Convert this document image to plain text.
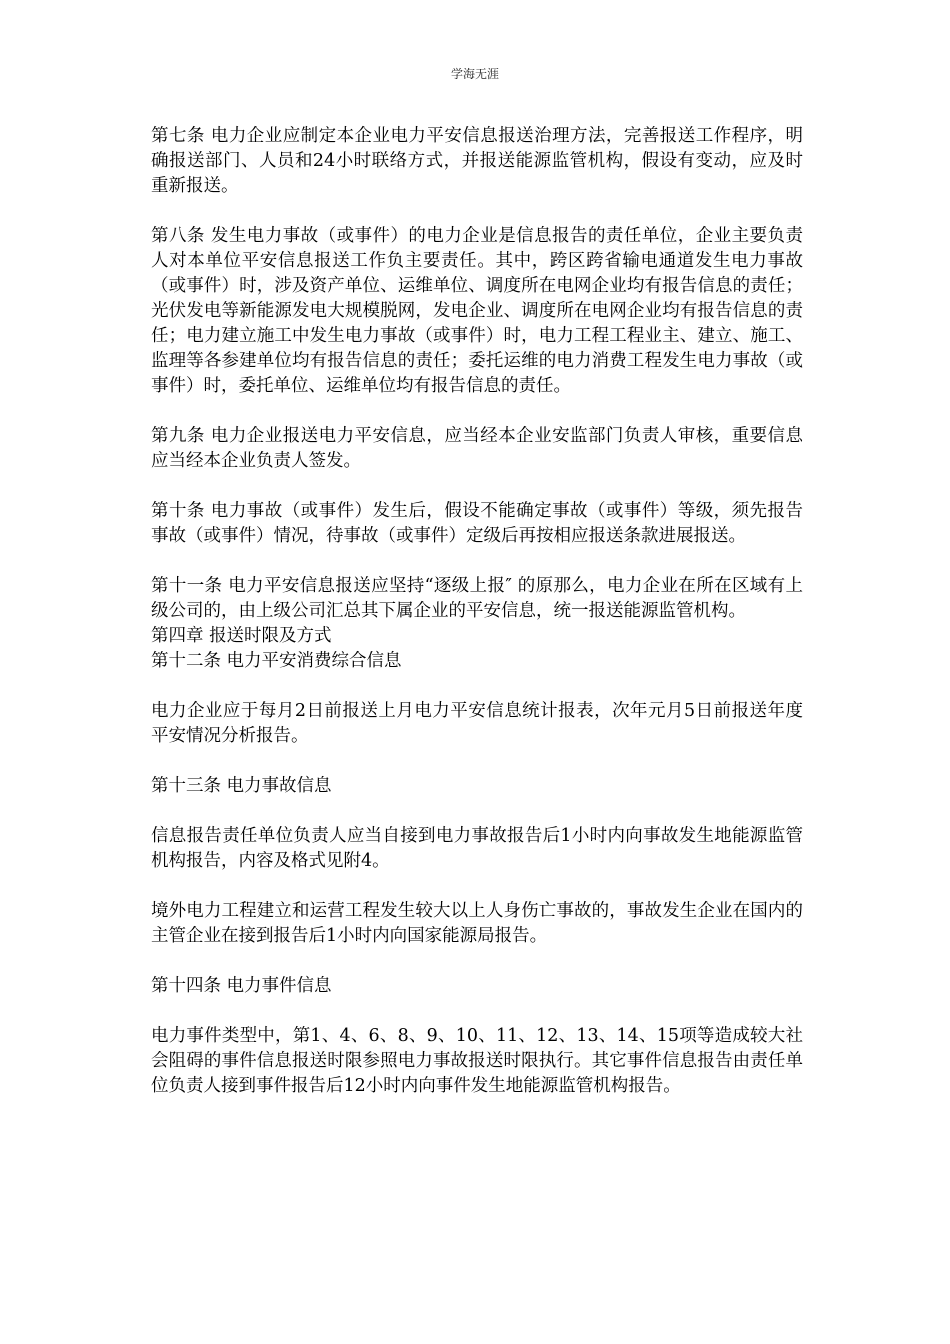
学海无涯

第七条 电力企业应制定本企业电力平安信息报送治理方法，完善报送工作程序，明确报送部门、人员和24小时联络方式，并报送能源监管机构，假设有变动，应及时重新报送。

第八条 发生电力事故（或事件）的电力企业是信息报告的责任单位，企业主要负责人对本单位平安信息报送工作负主要责任。其中，跨区跨省输电通道发生电力事故（或事件）时，涉及资产单位、运维单位、调度所在电网企业均有报告信息的责任；光伏发电等新能源发电大规模脱网，发电企业、调度所在电网企业均有报告信息的责任；电力建立施工中发生电力事故（或事件）时，电力工程工程业主、建立、施工、监理等各参建单位均有报告信息的责任；委托运维的电力消费工程发生电力事故（或事件）时，委托单位、运维单位均有报告信息的责任。

第九条 电力企业报送电力平安信息，应当经本企业安监部门负责人审核，重要信息应当经本企业负责人签发。

第十条 电力事故（或事件）发生后，假设不能确定事故（或事件）等级，须先报告事故（或事件）情况，待事故（或事件）定级后再按相应报送条款进展报送。

第十一条 电力平安信息报送应坚持“逐级上报″ 的原那么，电力企业在所在区域有上级公司的，由上级公司汇总其下属企业的平安信息，统一报送能源监管机构。

第四章 报送时限及方式

第十二条 电力平安消费综合信息

电力企业应于每月2日前报送上月电力平安信息统计报表，次年元月5日前报送年度平安情况分析报告。

第十三条 电力事故信息

信息报告责任单位负责人应当自接到电力事故报告后1小时内向事故发生地能源监管机构报告，内容及格式见附4。

境外电力工程建立和运营工程发生较大以上人身伤亡事故的，事故发生企业在国内的主管企业在接到报告后1小时内向国家能源局报告。

第十四条 电力事件信息

电力事件类型中，第1、4、6、8、9、10、11、12、13、14、15项等造成较大社会阻碍的事件信息报送时限参照电力事故报送时限执行。其它事件信息报告由责任单位负责人接到事件报告后12小时内向事件发生地能源监管机构报告。
